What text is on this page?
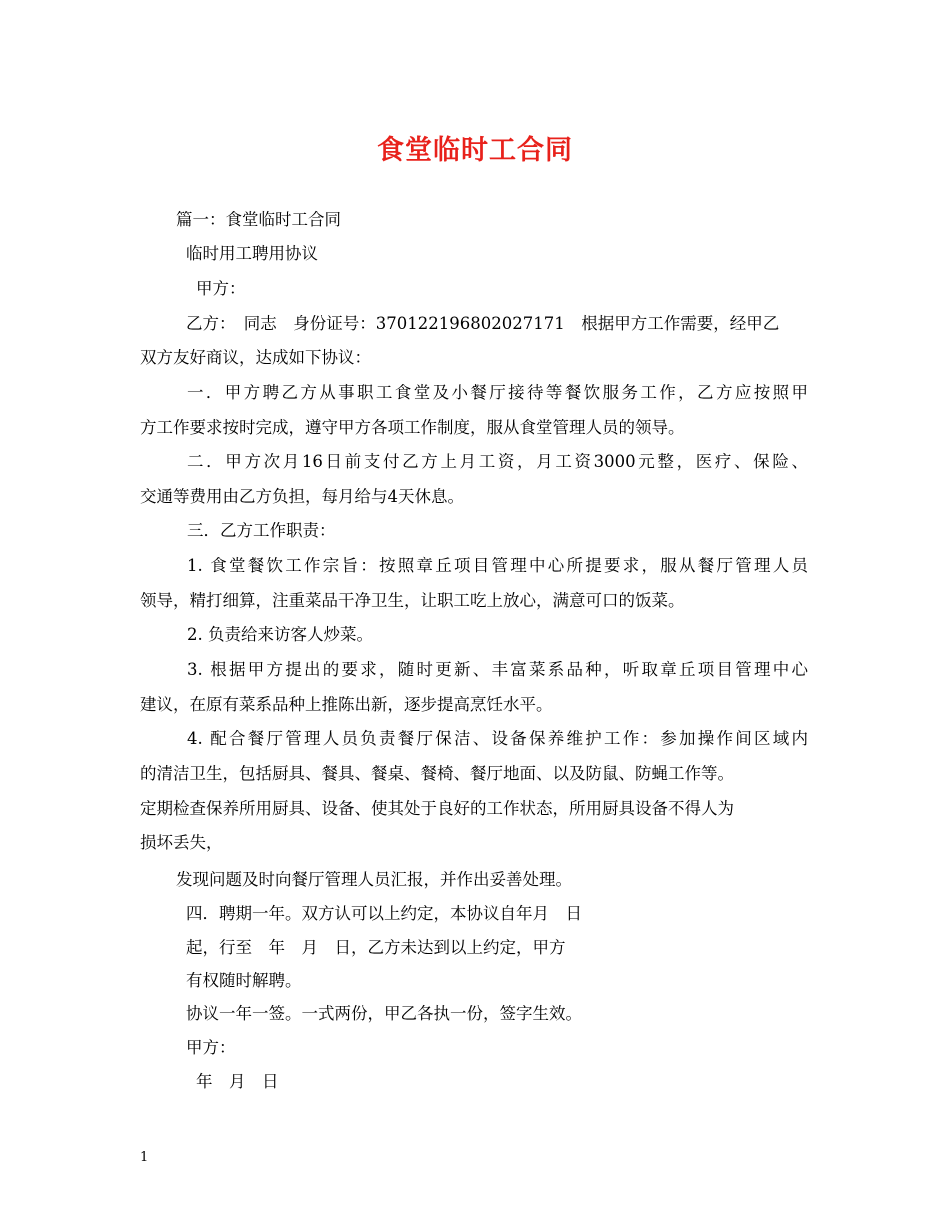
食堂临时工合同
篇一：食堂临时工合同
临时用工聘用协议
甲方：
乙方：　同志　身份证号：370122196802027171　根据甲方工作需要，经甲乙
双方友好商议，达成如下协议：
一．甲方聘乙方从事职工食堂及小餐厅接待等餐饮服务工作，乙方应按照甲
方工作要求按时完成，遵守甲方各项工作制度，服从食堂管理人员的领导。
二．甲方次月16日前支付乙方上月工资，月工资3000元整，医疗、保险、
交通等费用由乙方负担，每月给与4天休息。
三．乙方工作职责：
1. 食堂餐饮工作宗旨：按照章丘项目管理中心所提要求，服从餐厅管理人员
领导，精打细算，注重菜品干净卫生，让职工吃上放心，满意可口的饭菜。
2. 负责给来访客人炒菜。
3. 根据甲方提出的要求，随时更新、丰富菜系品种，听取章丘项目管理中心
建议，在原有菜系品种上推陈出新，逐步提高烹饪水平。
4. 配合餐厅管理人员负责餐厅保洁、设备保养维护工作：参加操作间区域内
的清洁卫生，包括厨具、餐具、餐桌、餐椅、餐厅地面、以及防鼠、防蝇工作等。
定期检查保养所用厨具、设备、使其处于良好的工作状态，所用厨具设备不得人为
损坏丢失，
发现问题及时向餐厅管理人员汇报，并作出妥善处理。
四．聘期一年。双方认可以上约定，本协议自年月　日
起，行至　年　月　日，乙方未达到以上约定，甲方
有权随时解聘。
协议一年一签。一式两份，甲乙各执一份，签字生效。
甲方：
年　月　日
1
